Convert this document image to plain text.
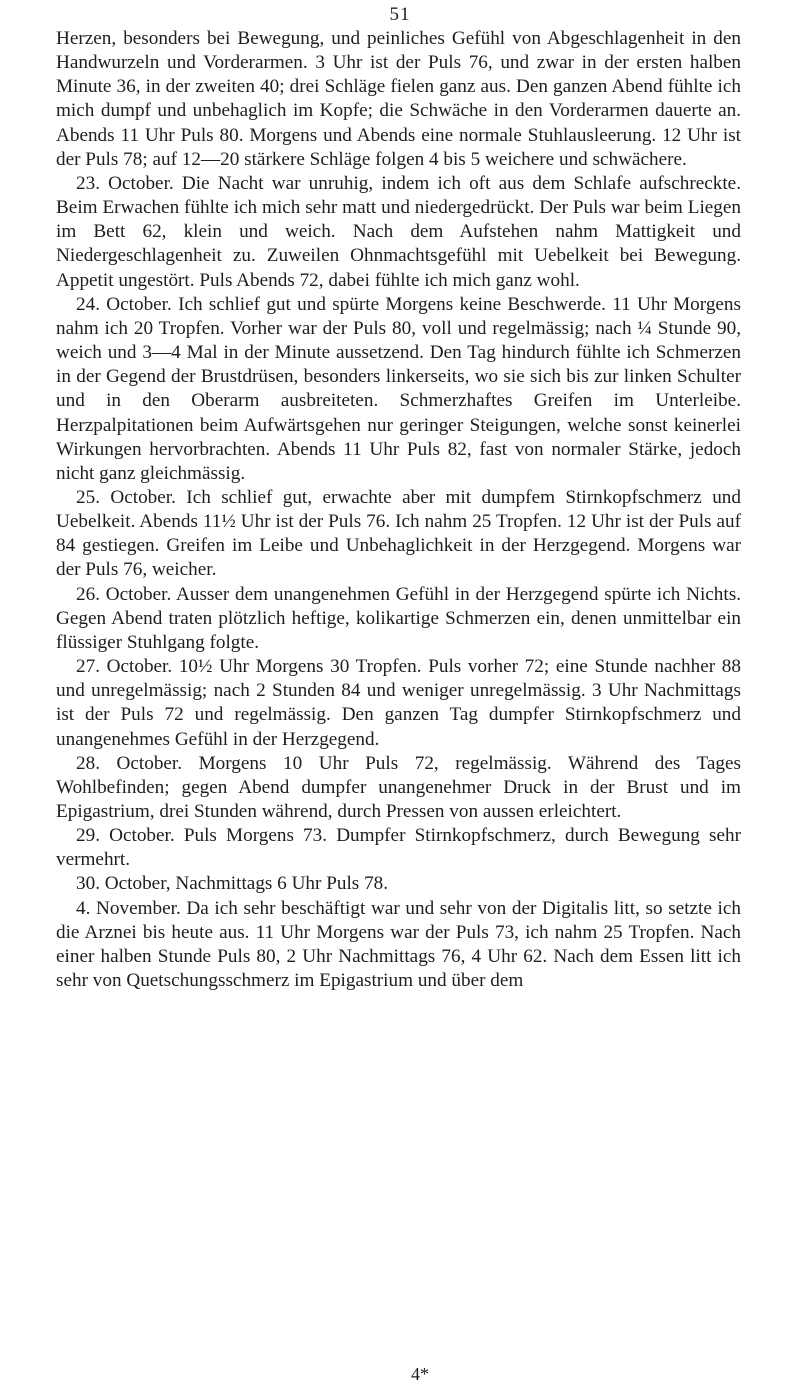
51

Herzen, besonders bei Bewegung, und peinliches Gefühl von Abgeschlagenheit in den Handwurzeln und Vorderarmen. 3 Uhr ist der Puls 76, und zwar in der ersten halben Minute 36, in der zweiten 40; drei Schläge fielen ganz aus. Den ganzen Abend fühlte ich mich dumpf und unbehaglich im Kopfe; die Schwäche in den Vorderarmen dauerte an. Abends 11 Uhr Puls 80. Morgens und Abends eine normale Stuhlausleerung. 12 Uhr ist der Puls 78; auf 12—20 stärkere Schläge folgen 4 bis 5 weichere und schwächere.

23. October. Die Nacht war unruhig, indem ich oft aus dem Schlafe aufschreckte. Beim Erwachen fühlte ich mich sehr matt und niedergedrückt. Der Puls war beim Liegen im Bett 62, klein und weich. Nach dem Aufstehen nahm Mattigkeit und Niedergeschlagenheit zu. Zuweilen Ohnmachtsgefühl mit Uebelkeit bei Bewegung. Appetit ungestört. Puls Abends 72, dabei fühlte ich mich ganz wohl.

24. October. Ich schlief gut und spürte Morgens keine Beschwerde. 11 Uhr Morgens nahm ich 20 Tropfen. Vorher war der Puls 80, voll und regelmässig; nach ¼ Stunde 90, weich und 3—4 Mal in der Minute aussetzend. Den Tag hindurch fühlte ich Schmerzen in der Gegend der Brustdrüsen, besonders linkerseits, wo sie sich bis zur linken Schulter und in den Oberarm ausbreiteten. Schmerzhaftes Greifen im Unterleibe. Herzpalpitationen beim Aufwärtsgehen nur geringer Steigungen, welche sonst keinerlei Wirkungen hervorbrachten. Abends 11 Uhr Puls 82, fast von normaler Stärke, jedoch nicht ganz gleichmässig.

25. October. Ich schlief gut, erwachte aber mit dumpfem Stirnkopfschmerz und Uebelkeit. Abends 11½ Uhr ist der Puls 76. Ich nahm 25 Tropfen. 12 Uhr ist der Puls auf 84 gestiegen. Greifen im Leibe und Unbehaglichkeit in der Herzgegend. Morgens war der Puls 76, weicher.

26. October. Ausser dem unangenehmen Gefühl in der Herzgegend spürte ich Nichts. Gegen Abend traten plötzlich heftige, kolikartige Schmerzen ein, denen unmittelbar ein flüssiger Stuhlgang folgte.

27. October. 10½ Uhr Morgens 30 Tropfen. Puls vorher 72; eine Stunde nachher 88 und unregelmässig; nach 2 Stunden 84 und weniger unregelmässig. 3 Uhr Nachmittags ist der Puls 72 und regelmässig. Den ganzen Tag dumpfer Stirnkopfschmerz und unangenehmes Gefühl in der Herzgegend.

28. October. Morgens 10 Uhr Puls 72, regelmässig. Während des Tages Wohlbefinden; gegen Abend dumpfer unangenehmer Druck in der Brust und im Epigastrium, drei Stunden während, durch Pressen von aussen erleichtert.

29. October. Puls Morgens 73. Dumpfer Stirnkopfschmerz, durch Bewegung sehr vermehrt.

30. October, Nachmittags 6 Uhr Puls 78.

4. November. Da ich sehr beschäftigt war und sehr von der Digitalis litt, so setzte ich die Arznei bis heute aus. 11 Uhr Morgens war der Puls 73, ich nahm 25 Tropfen. Nach einer halben Stunde Puls 80, 2 Uhr Nachmittags 76, 4 Uhr 62. Nach dem Essen litt ich sehr von Quetschungsschmerz im Epigastrium und über dem

4*
